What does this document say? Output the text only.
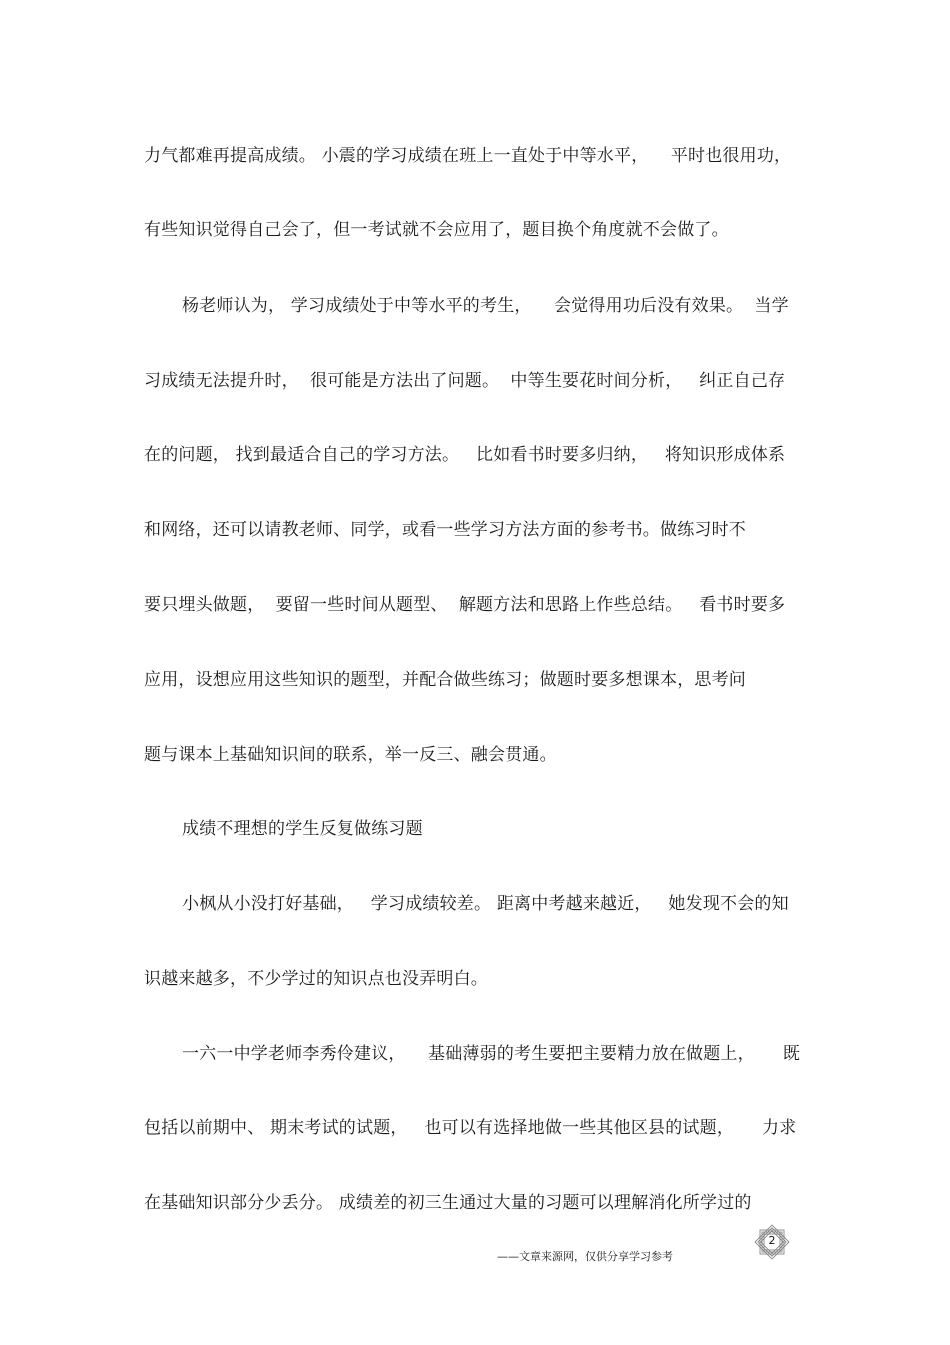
力气都难再提高成绩。 小震的学习成绩在班上一直处于中等水平，    平时也很用功，
有些知识觉得自己会了，但一考试就不会应用了，题目换个角度就不会做了。
杨老师认为， 学习成绩处于中等水平的考生，    会觉得用功后没有效果。  当学
习成绩无法提升时，  很可能是方法出了问题。  中等生要花时间分析，   纠正自己存
在的问题， 找到最适合自己的学习方法。   比如看书时要多归纳，   将知识形成体系
和网络，还可以请教老师、同学，或看一些学习方法方面的参考书。做练习时不
要只埋头做题，  要留一些时间从题型、  解题方法和思路上作些总结。   看书时要多
应用，设想应用这些知识的题型，并配合做些练习；做题时要多想课本，思考问
题与课本上基础知识间的联系，举一反三、融会贯通。
成绩不理想的学生反复做练习题
小枫从小没打好基础，   学习成绩较差。 距离中考越来越近，   她发现不会的知
识越来越多，不少学过的知识点也没弄明白。
一六一中学老师李秀伶建议，    基础薄弱的考生要把主要精力放在做题上，     既
包括以前期中、 期末考试的试题，   也可以有选择地做一些其他区县的试题，     力求
在基础知识部分少丢分。 成绩差的初三生通过大量的习题可以理解消化所学过的
2
——文章来源网，仅供分享学习参考
